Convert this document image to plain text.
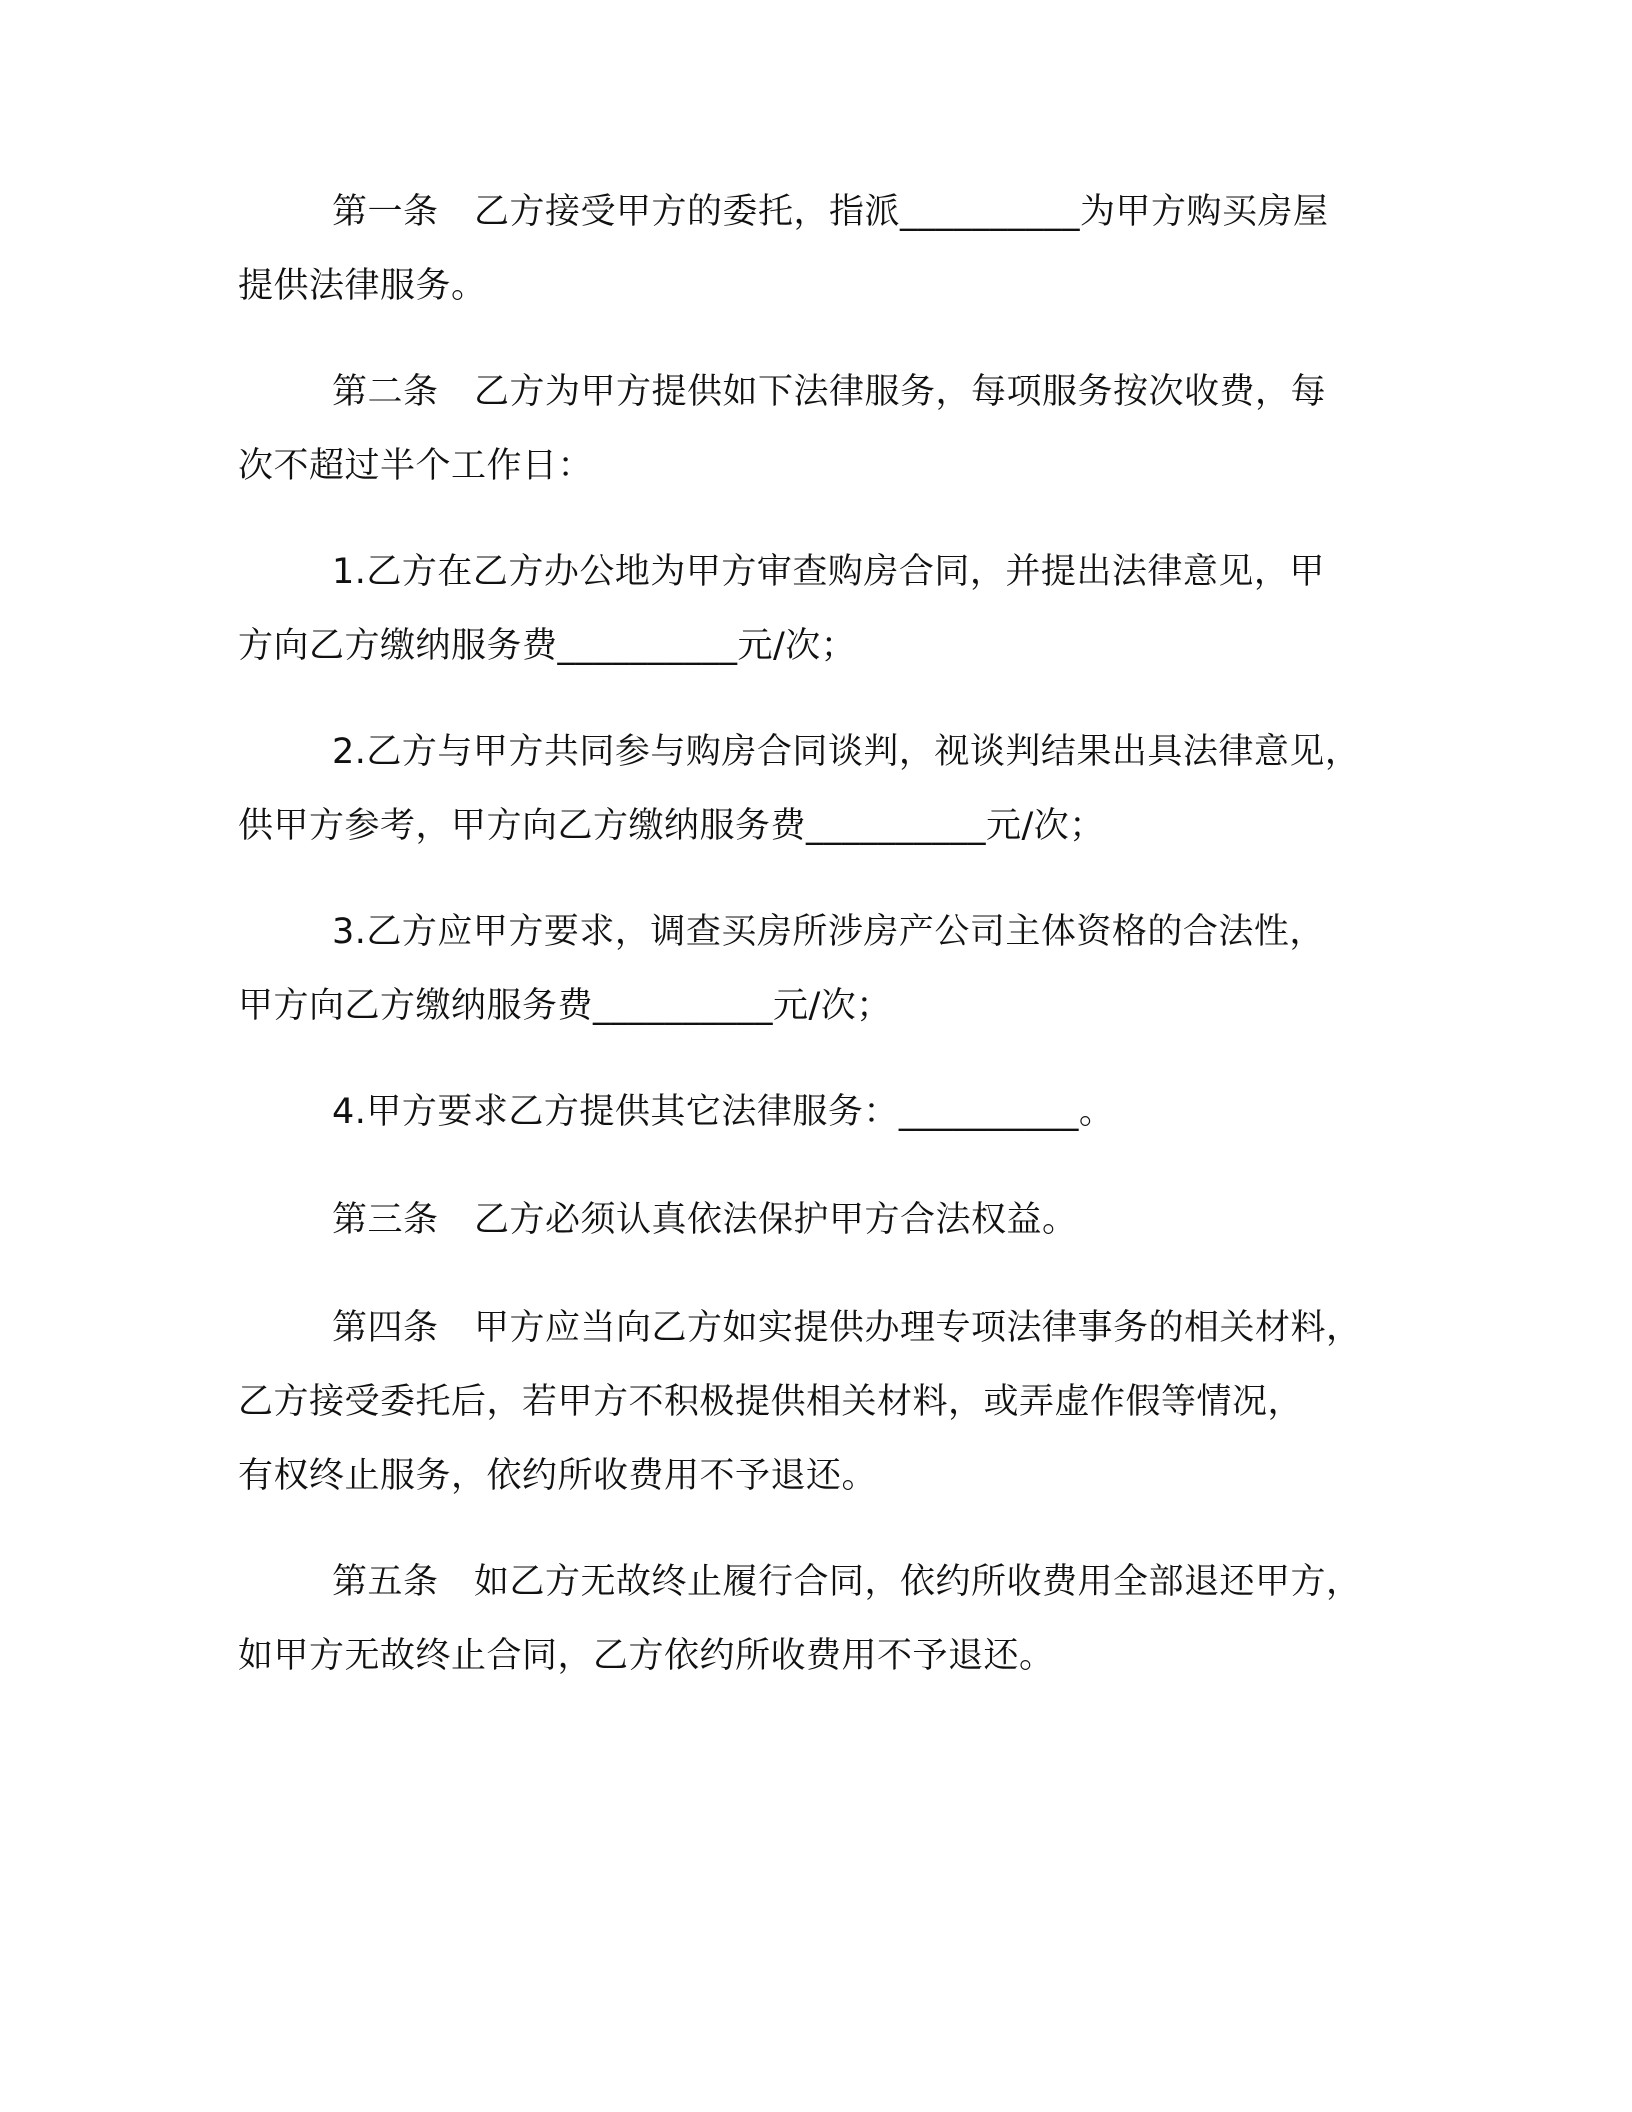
第一条　乙方接受甲方的委托，指派__________为甲方购买房屋
提供法律服务。
第二条　乙方为甲方提供如下法律服务，每项服务按次收费，每
次不超过半个工作日：
1.乙方在乙方办公地为甲方审查购房合同，并提出法律意见，甲
方向乙方缴纳服务费__________元/次；
2.乙方与甲方共同参与购房合同谈判，视谈判结果出具法律意见，
供甲方参考，甲方向乙方缴纳服务费__________元/次；
3.乙方应甲方要求，调查买房所涉房产公司主体资格的合法性，
甲方向乙方缴纳服务费__________元/次；
4.甲方要求乙方提供其它法律服务：__________。
第三条　乙方必须认真依法保护甲方合法权益。
第四条　甲方应当向乙方如实提供办理专项法律事务的相关材料，
乙方接受委托后，若甲方不积极提供相关材料，或弄虚作假等情况，
有权终止服务，依约所收费用不予退还。
第五条　如乙方无故终止履行合同，依约所收费用全部退还甲方，
如甲方无故终止合同，乙方依约所收费用不予退还。
